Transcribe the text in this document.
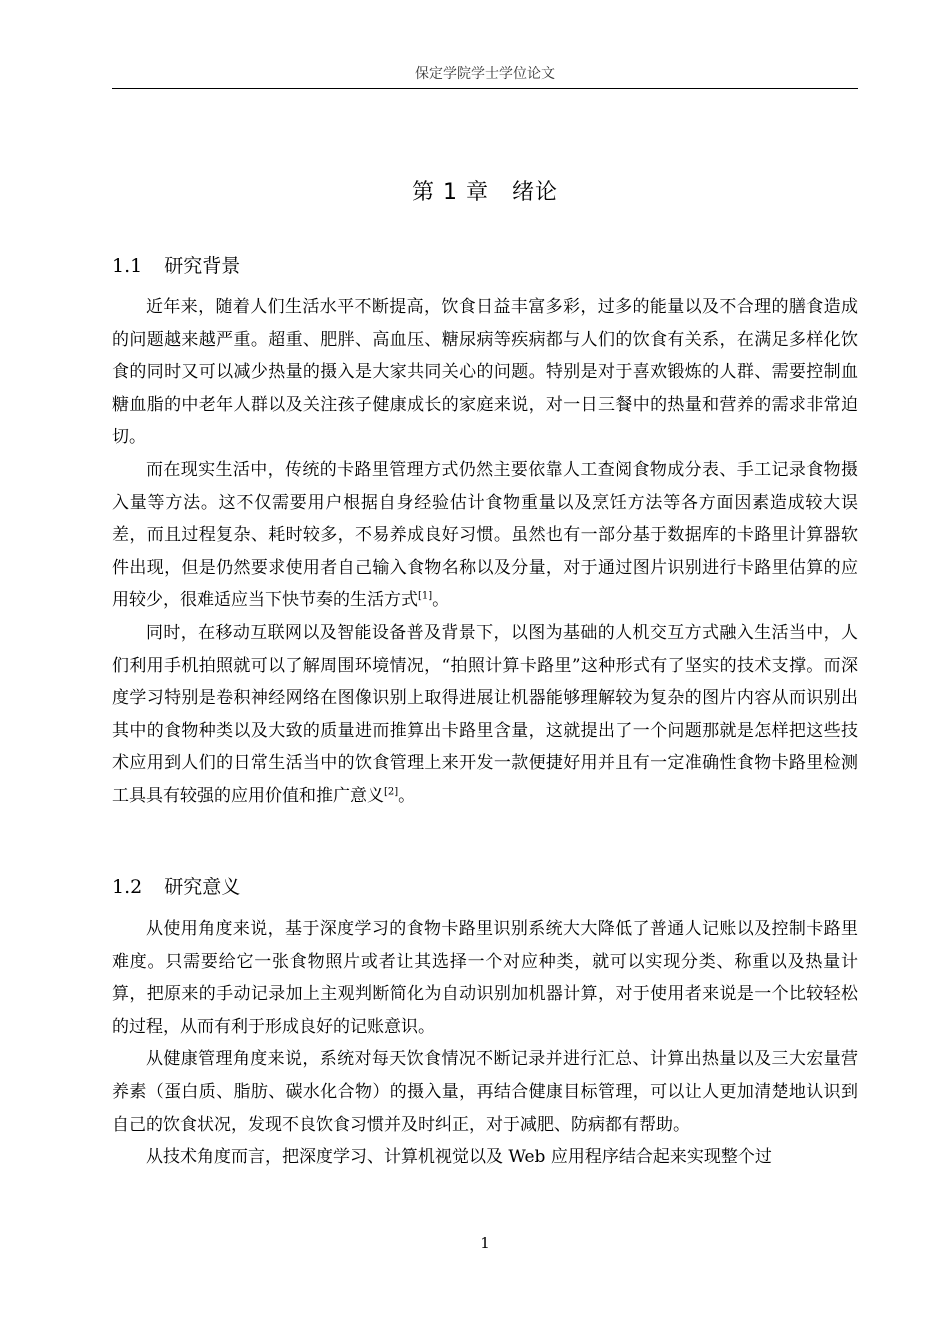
保定学院学士学位论文
第 1 章　绪论
1.1 研究背景

近年来，随着人们生活水平不断提高，饮食日益丰富多彩，过多的能量以及不合理的膳食造成的问题越来越严重。超重、肥胖、高血压、糖尿病等疾病都与人们的饮食有关系，在满足多样化饮食的同时又可以减少热量的摄入是大家共同关心的问题。特别是对于喜欢锻炼的人群、需要控制血糖血脂的中老年人群以及关注孩子健康成长的家庭来说，对一日三餐中的热量和营养的需求非常迫切。

而在现实生活中，传统的卡路里管理方式仍然主要依靠人工查阅食物成分表、手工记录食物摄入量等方法。这不仅需要用户根据自身经验估计食物重量以及烹饪方法等各方面因素造成较大误差，而且过程复杂、耗时较多，不易养成良好习惯。虽然也有一部分基于数据库的卡路里计算器软件出现，但是仍然要求使用者自己输入食物名称以及分量，对于通过图片识别进行卡路里估算的应用较少，很难适应当下快节奏的生活方式[1]。

同时，在移动互联网以及智能设备普及背景下，以图为基础的人机交互方式融入生活当中，人们利用手机拍照就可以了解周围环境情况，“拍照计算卡路里”这种形式有了坚实的技术支撑。而深度学习特别是卷积神经网络在图像识别上取得进展让机器能够理解较为复杂的图片内容从而识别出其中的食物种类以及大致的质量进而推算出卡路里含量，这就提出了一个问题那就是怎样把这些技术应用到人们的日常生活当中的饮食管理上来开发一款便捷好用并且有一定准确性食物卡路里检测工具具有较强的应用价值和推广意义[2]。

1.2 研究意义

从使用角度来说，基于深度学习的食物卡路里识别系统大大降低了普通人记账以及控制卡路里难度。只需要给它一张食物照片或者让其选择一个对应种类，就可以实现分类、称重以及热量计算，把原来的手动记录加上主观判断简化为自动识别加机器计算，对于使用者来说是一个比较轻松的过程，从而有利于形成良好的记账意识。

从健康管理角度来说，系统对每天饮食情况不断记录并进行汇总、计算出热量以及三大宏量营养素（蛋白质、脂肪、碳水化合物）的摄入量，再结合健康目标管理，可以让人更加清楚地认识到自己的饮食状况，发现不良饮食习惯并及时纠正，对于减肥、防病都有帮助。

从技术角度而言，把深度学习、计算机视觉以及 Web 应用程序结合起来实现整个过

1
